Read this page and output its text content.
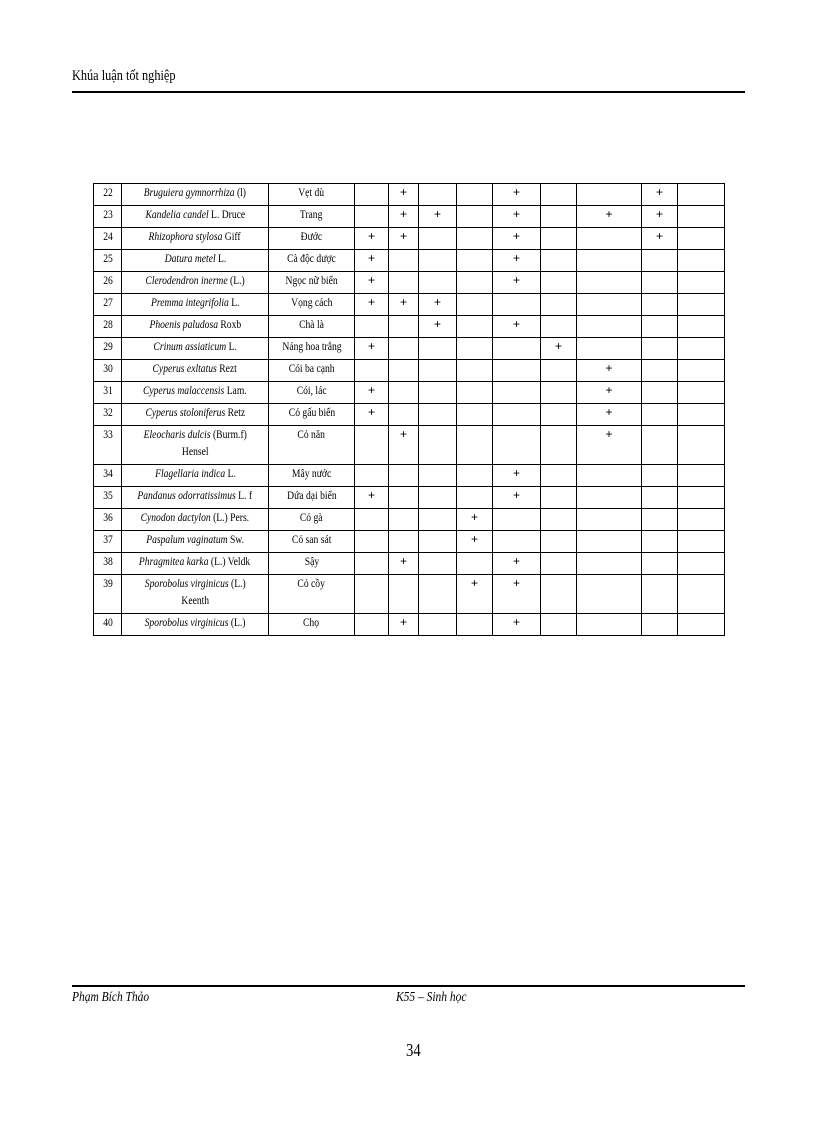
Khúa luận tốt nghiệp
22	Bruguiera gymnorrhiza (l)	Vẹt dù		+			+			+	
23	Kandelia candel L. Druce	Trang		+	+		+		+	+	
24	Rhizophora stylosa Giff	Đước	+	+			+			+	
25	Datura metel L.	Cà độc dược	+				+				
26	Clerodendron inerme (L.)	Ngọc nữ biển	+				+				
27	Premma integrifolia L.	Vọng cách	+	+	+						
28	Phoenis paludosa Roxb	Chà là			+		+				
29	Crinum assiaticum L.	Náng hoa trắng	+					+			
30	Cyperus exltatus Rezt	Cói ba cạnh							+		
31	Cyperus malaccensis Lam.	Cói, lác	+						+		
32	Cyperus stoloniferus Retz	Cỏ gấu biển	+						+		
33	Eleocharis dulcis (Burm.f)
Hensel	Cỏ năn		+					+		
34	Flagellaria indica L.	Mây nước					+				
35	Pandanus odorratissimus L. f	Dứa dại biển	+				+				
36	Cynodon dactylon (L.) Pers.	Cỏ gà				+					
37	Paspalum vaginatum Sw.	Cỏ san sát				+					
38	Phragmitea karka (L.) Veldk	Sậy		+			+				
39	Sporobolus virginicus (L.)
Keenth	Cỏ cồy				+	+				
40	Sporobolus virginicus (L.)	Chọ		+			+				
Phạm Bích Thảo	K55 – Sinh học
34
